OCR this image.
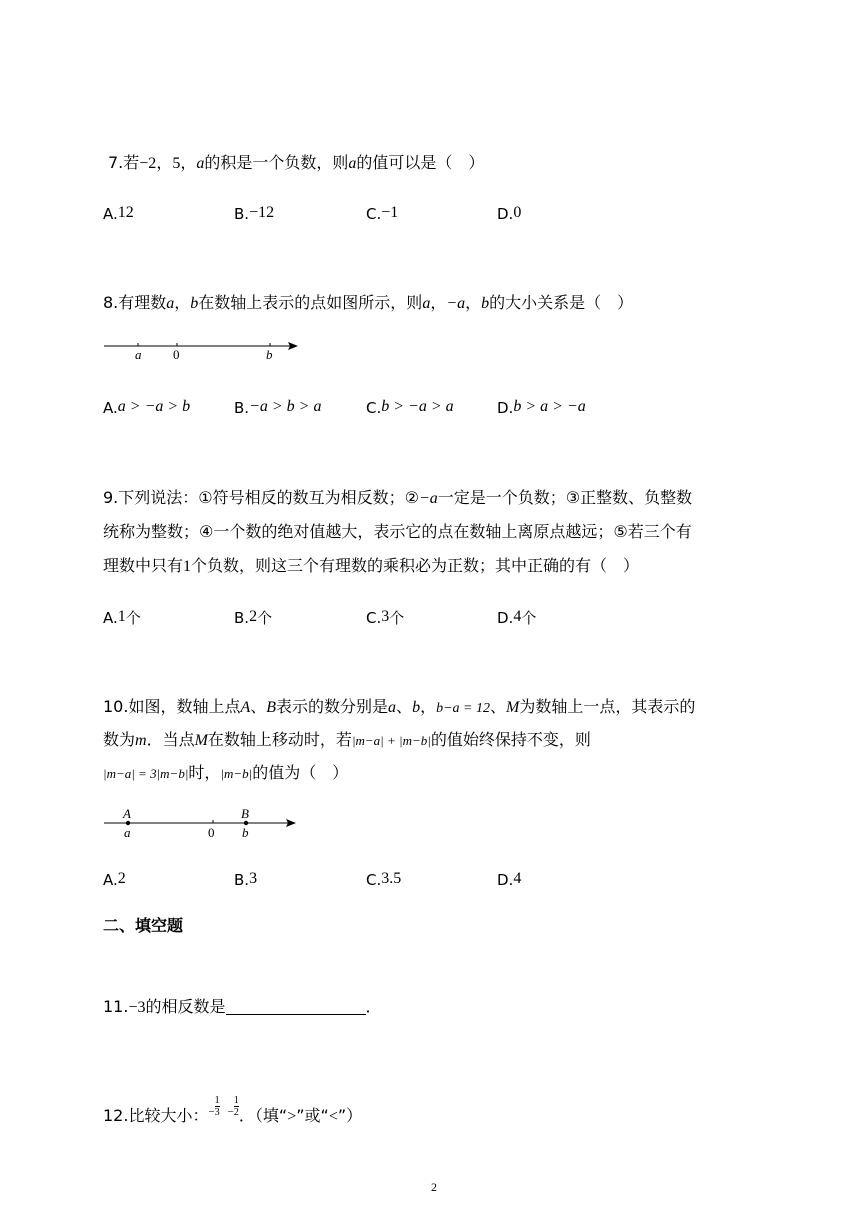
7.若−2，5，a的积是一个负数，则a的值可以是（　）
A.12	B.−12	C.−1	D.0
8.有理数a，b在数轴上表示的点如图所示，则a，−a，b的大小关系是（　）
a 0	b
A.a > −a > b	B.−a > b > a	C.b > −a > a	D.b > a > −a
9.下列说法：①符号相反的数互为相反数；②−a一定是一个负数；③正整数、负整数
统称为整数；④一个数的绝对值越大，表示它的点在数轴上离原点越远；⑤若三个有
理数中只有1个负数，则这三个有理数的乘积必为正数；其中正确的有（　）
A.1个	B.2个	C.3个	D.4个
10.如图，数轴上点A、B表示的数分别是a、b，b−a = 12、M为数轴上一点，其表示的
数为m．当点M在数轴上移动时，若|m−a| + |m−b|的值始终保持不变，则
|m−a| = 3|m−b|时，|m−b|的值为（　）
A
a	0
B
b
A.2	B.3	C.3.5	D.4
二、填空题
11.−3的相反数是	．
12.比较大小：$^- \frac{1}{3} ^- \frac{1}{2}$ ．（填“>”或“<”）
2
